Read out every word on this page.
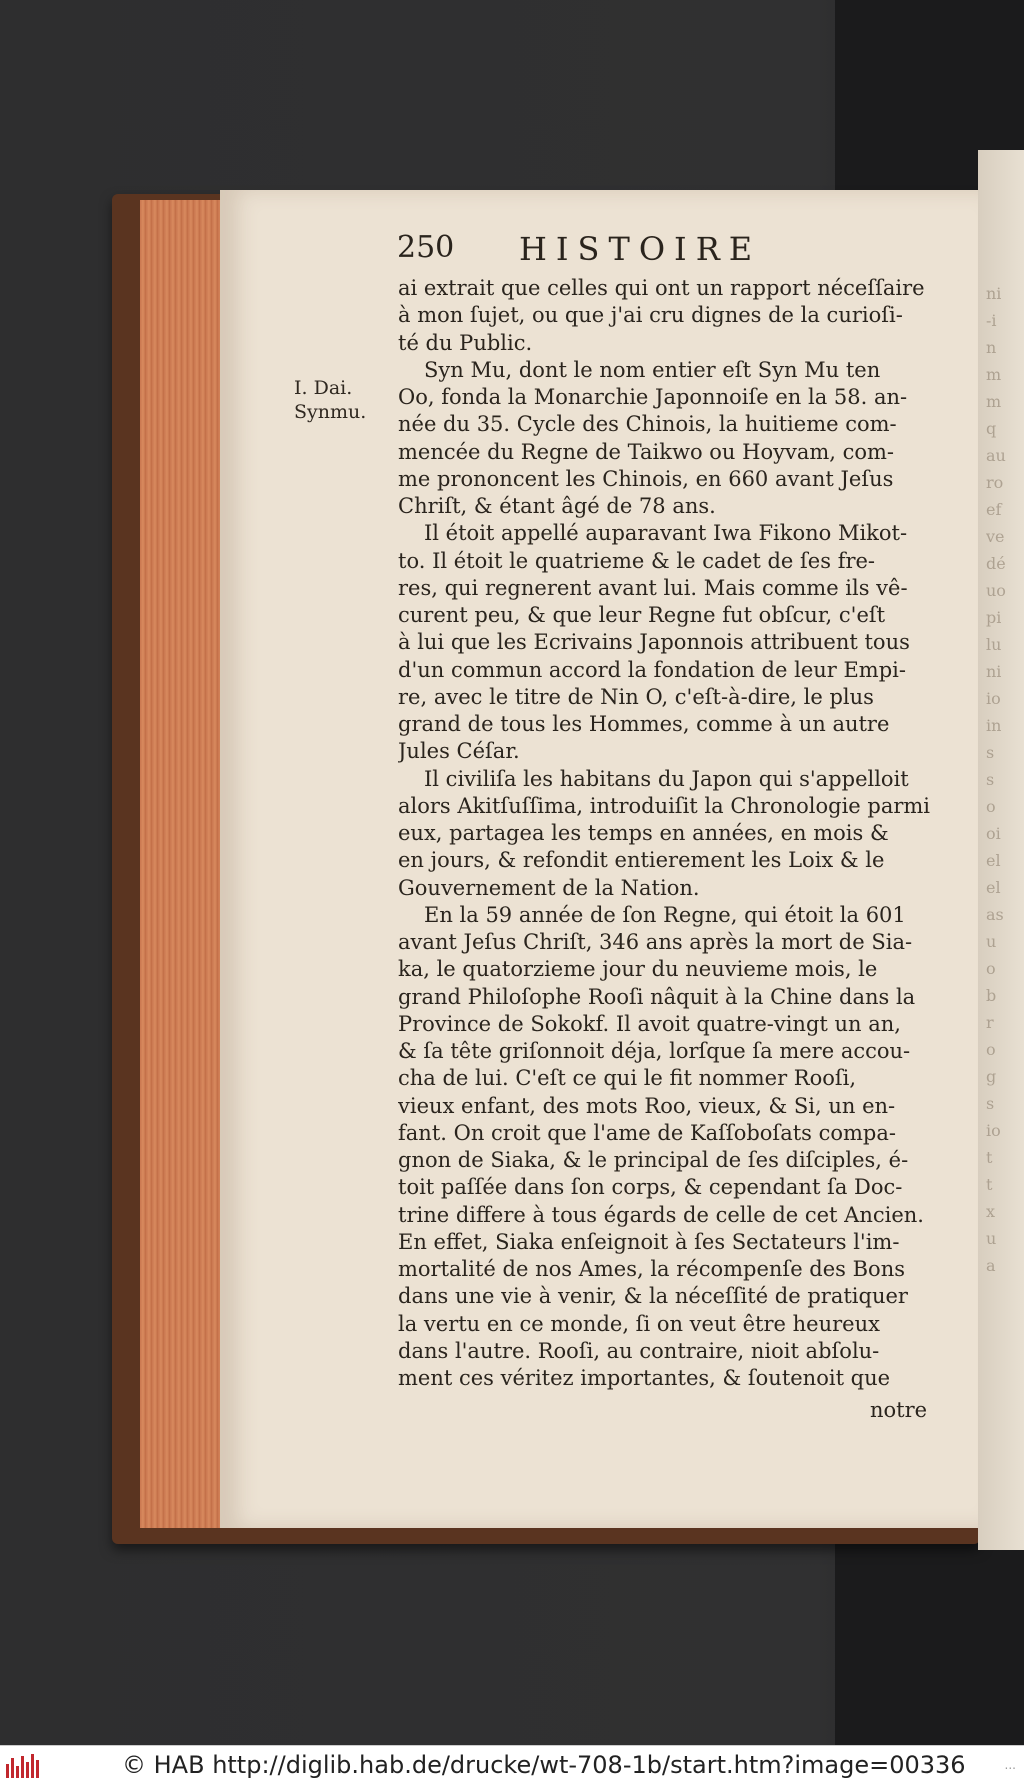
ni
-i
n
m
m
q
au
ro
ef
ve
dé
uo
pi
lu
ni
io
in
s
s
o
oi
el
el
as
u
o
b
r
o
g
s
io
t
t
x
u
a
250 HISTOIRE
I. Dai.
Synmu.
ai extrait que celles qui ont un rapport néceſſaire
à mon ſujet, ou que j'ai cru dignes de la curioſi-
té du Public.
Syn Mu, dont le nom entier eſt Syn Mu ten
Oo, fonda la Monarchie Japonnoiſe en la 58. an-
née du 35. Cycle des Chinois, la huitieme com-
mencée du Regne de Taikwo ou Hoyvam, com-
me prononcent les Chinois, en 660 avant Jeſus
Chriſt, & étant âgé de 78 ans.
Il étoit appellé auparavant Iwa Fikono Mikot-
to. Il étoit le quatrieme & le cadet de ſes fre-
res, qui regnerent avant lui. Mais comme ils vê-
curent peu, & que leur Regne fut obſcur, c'eſt
à lui que les Ecrivains Japonnois attribuent tous
d'un commun accord la fondation de leur Empi-
re, avec le titre de Nin O, c'eſt-à-dire, le plus
grand de tous les Hommes, comme à un autre
Jules Céſar.
Il civiliſa les habitans du Japon qui s'appelloit
alors Akitſuſſima, introduiſit la Chronologie parmi
eux, partagea les temps en années, en mois &
en jours, & refondit entierement les Loix & le
Gouvernement de la Nation.
En la 59 année de ſon Regne, qui étoit la 601
avant Jeſus Chriſt, 346 ans après la mort de Sia-
ka, le quatorzieme jour du neuvieme mois, le
grand Philoſophe Rooſi nâquit à la Chine dans la
Province de Sokokf. Il avoit quatre-vingt un an,
& ſa tête griſonnoit déja, lorſque ſa mere accou-
cha de lui. C'eſt ce qui le fit nommer Rooſi,
vieux enfant, des mots Roo, vieux, & Si, un en-
fant. On croit que l'ame de Kaſſoboſats compa-
gnon de Siaka, & le principal de ſes diſciples, é-
toit paſſée dans ſon corps, & cependant ſa Doc-
trine differe à tous égards de celle de cet Ancien.
En effet, Siaka enſeignoit à ſes Sectateurs l'im-
mortalité de nos Ames, la récompenſe des Bons
dans une vie à venir, & la néceſſité de pratiquer
la vertu en ce monde, ſi on veut être heureux
dans l'autre. Rooſi, au contraire, nioit abſolu-
ment ces véritez importantes, & ſoutenoit que
notre
© HAB http://diglib.hab.de/drucke/wt-708-1b/start.htm?image=00336	...
